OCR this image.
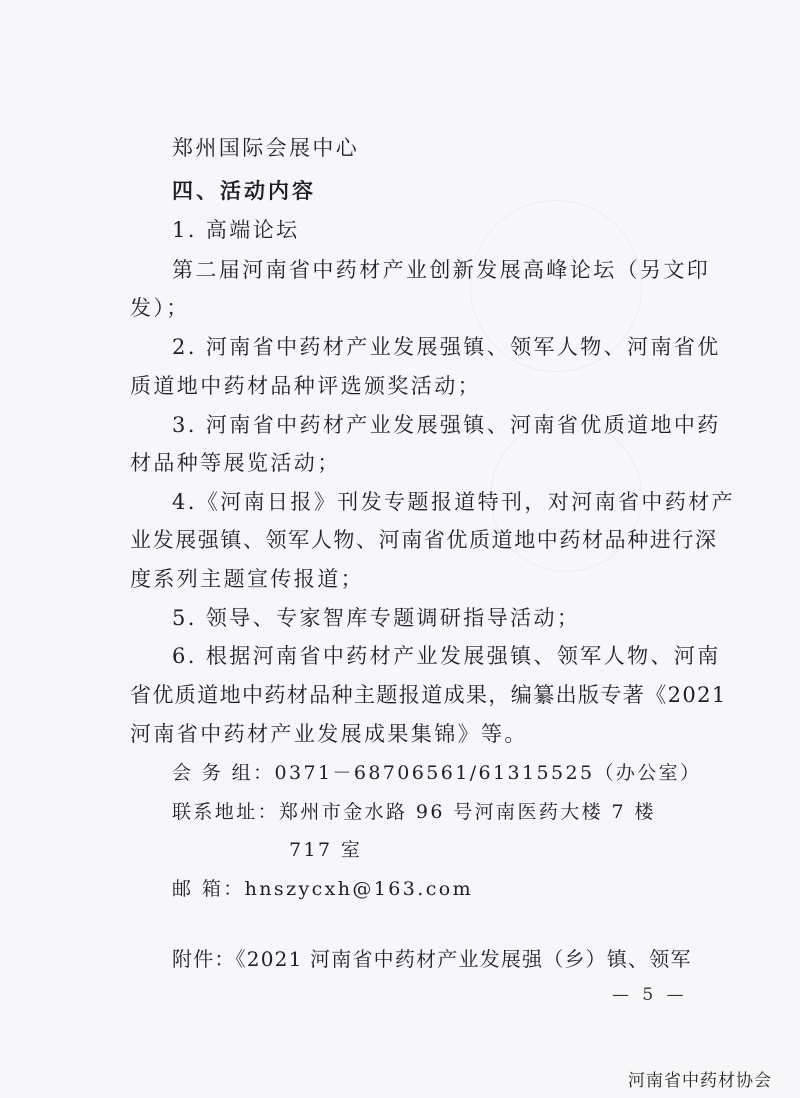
郑州国际会展中心
四、活动内容
1. 高端论坛
第二届河南省中药材产业创新发展高峰论坛（另文印
发）；
2. 河南省中药材产业发展强镇、领军人物、河南省优
质道地中药材品种评选颁奖活动；
3. 河南省中药材产业发展强镇、河南省优质道地中药
材品种等展览活动；
4.《河南日报》刊发专题报道特刊，对河南省中药材产
业发展强镇、领军人物、河南省优质道地中药材品种进行深
度系列主题宣传报道；
5. 领导、专家智库专题调研指导活动；
6. 根据河南省中药材产业发展强镇、领军人物、河南
省优质道地中药材品种主题报道成果，编纂出版专著《2021
河南省中药材产业发展成果集锦》等。
会 务 组：0371－68706561/61315525（办公室）
联系地址：郑州市金水路 96 号河南医药大楼 7 楼
717 室
邮 箱：hnszycxh@163.com
附件：《2021 河南省中药材产业发展强（乡）镇、领军
— 5 —
河南省中药材协会
